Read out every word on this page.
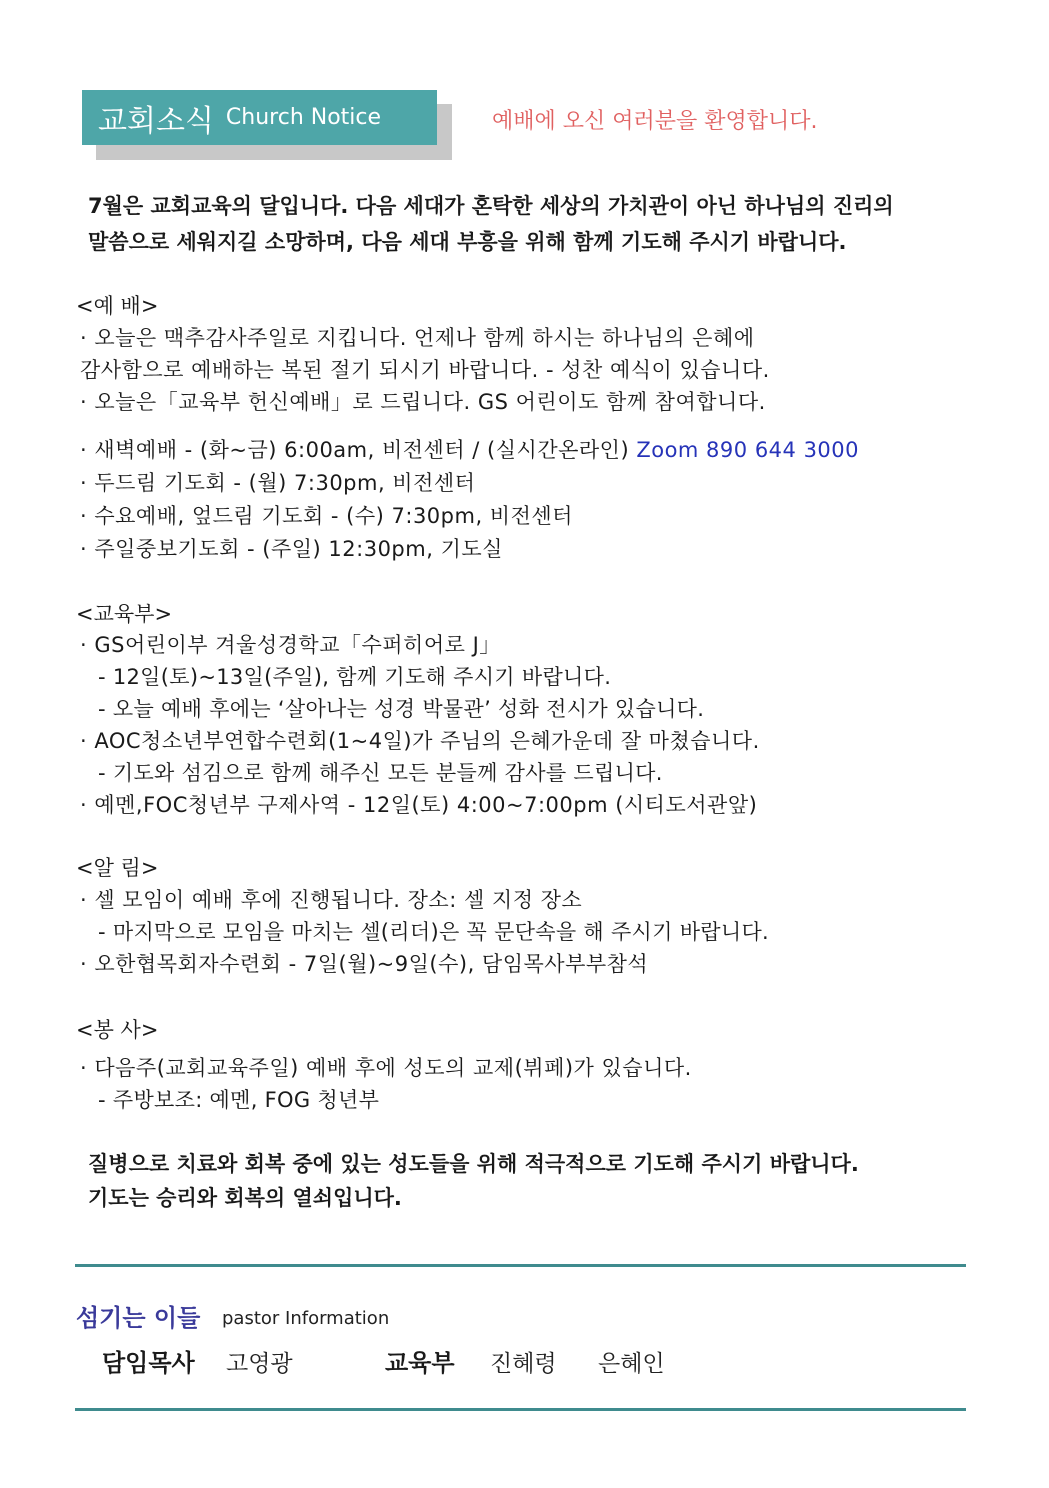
교회소식 Church Notice	예배에 오신 여러분을 환영합니다.
7월은 교회교육의 달입니다. 다음 세대가 혼탁한 세상의 가치관이 아닌 하나님의 진리의
말씀으로 세워지길 소망하며, 다음 세대 부흥을 위해 함께 기도해 주시기 바랍니다.
<예 배>
· 오늘은 맥추감사주일로 지킵니다. 언제나 함께 하시는 하나님의 은혜에
감사함으로 예배하는 복된 절기 되시기 바랍니다. - 성찬 예식이 있습니다.
· 오늘은「교육부 헌신예배」로 드립니다. GS 어린이도 함께 참여합니다.
· 새벽예배 - (화~금) 6:00am, 비전센터 / (실시간온라인) Zoom 890 644 3000
· 두드림 기도회 - (월) 7:30pm, 비전센터
· 수요예배, 엎드림 기도회 - (수) 7:30pm, 비전센터
· 주일중보기도회 - (주일) 12:30pm, 기도실
<교육부>
· GS어린이부 겨울성경학교「수퍼히어로 J」
- 12일(토)~13일(주일), 함께 기도해 주시기 바랍니다.
- 오늘 예배 후에는 ‘살아나는 성경 박물관’ 성화 전시가 있습니다.
· AOC청소년부연합수련회(1~4일)가 주님의 은혜가운데 잘 마쳤습니다.
- 기도와 섬김으로 함께 해주신 모든 분들께 감사를 드립니다.
· 예멘,FOC청년부 구제사역 - 12일(토) 4:00~7:00pm (시티도서관앞)
<알 림>
· 셀 모임이 예배 후에 진행됩니다. 장소: 셀 지정 장소
- 마지막으로 모임을 마치는 셀(리더)은 꼭 문단속을 해 주시기 바랍니다.
· 오한협목회자수련회 - 7일(월)~9일(수), 담임목사부부참석
<봉 사>
· 다음주(교회교육주일) 예배 후에 성도의 교제(뷔페)가 있습니다.
- 주방보조: 예멘, FOG 청년부
질병으로 치료와 회복 중에 있는 성도들을 위해 적극적으로 기도해 주시기 바랍니다.
기도는 승리와 회복의 열쇠입니다.
섬기는 이들 pastor Information
담임목사 고영광	교육부 진혜령 은혜인
